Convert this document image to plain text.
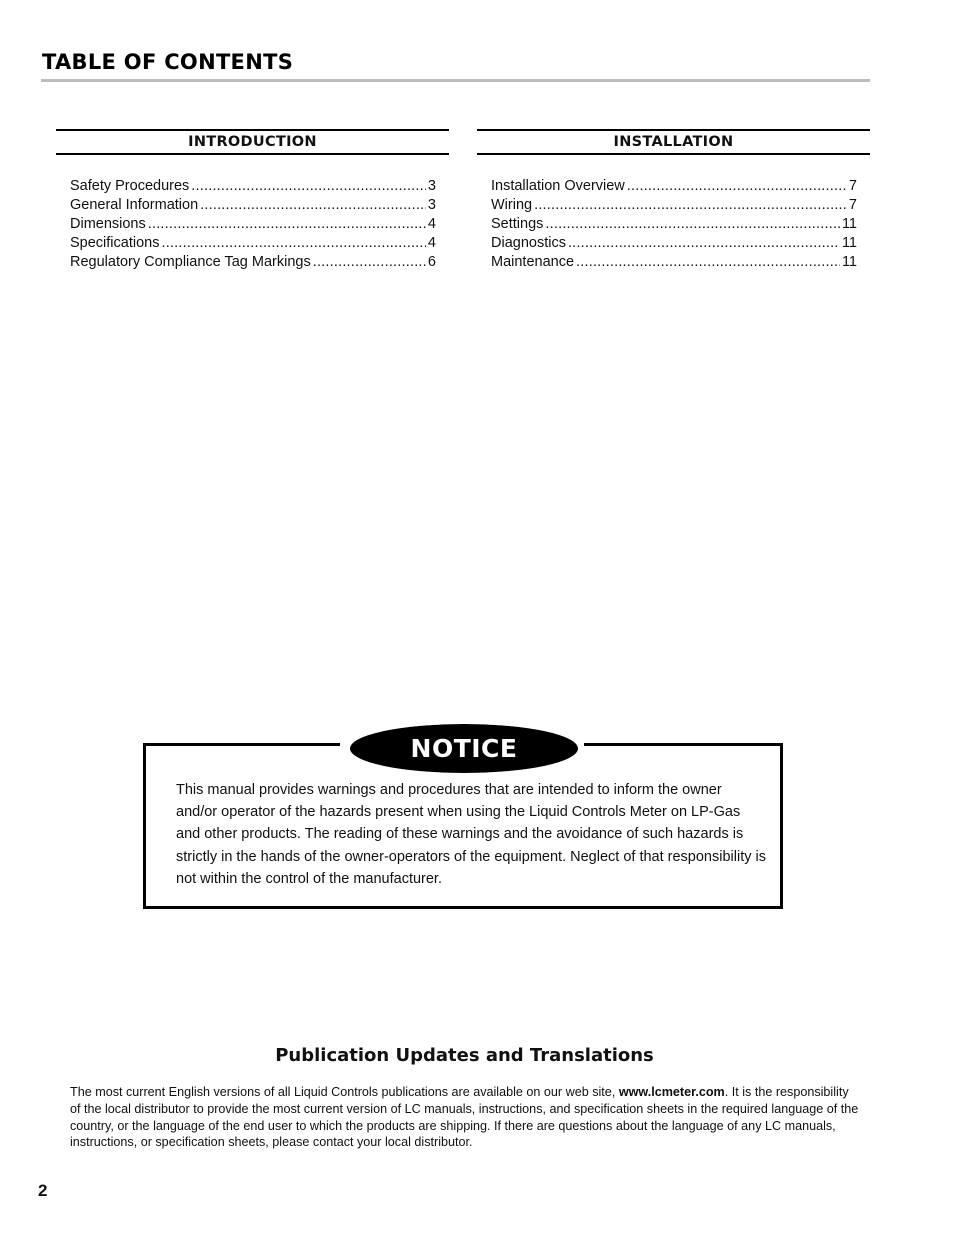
TABLE OF CONTENTS
INTRODUCTION
Safety Procedures .....	3
General Information .....	3
Dimensions .....	4
Specifications .....	4
Regulatory Compliance Tag Markings .....	6
INSTALLATION
Installation Overview .....	7
Wiring .....	7
Settings .....	11
Diagnostics .....	11
Maintenance .....	11
NOTICE
This manual provides warnings and procedures that are intended to inform the owner and/or operator of the hazards present when using the Liquid Controls Meter on LP-Gas and other products. The reading of these warnings and the avoidance of such hazards is strictly in the hands of the owner-operators of the equipment. Neglect of that responsibility is not within the control of the manufacturer.
Publication Updates and Translations
The most current English versions of all Liquid Controls publications are available on our web site, www.lcmeter.com. It is the responsibility of the local distributor to provide the most current version of LC manuals, instructions, and specification sheets in the required language of the country, or the language of the end user to which the products are shipping. If there are questions about the language of any LC manuals, instructions, or specification sheets, please contact your local distributor.
2
